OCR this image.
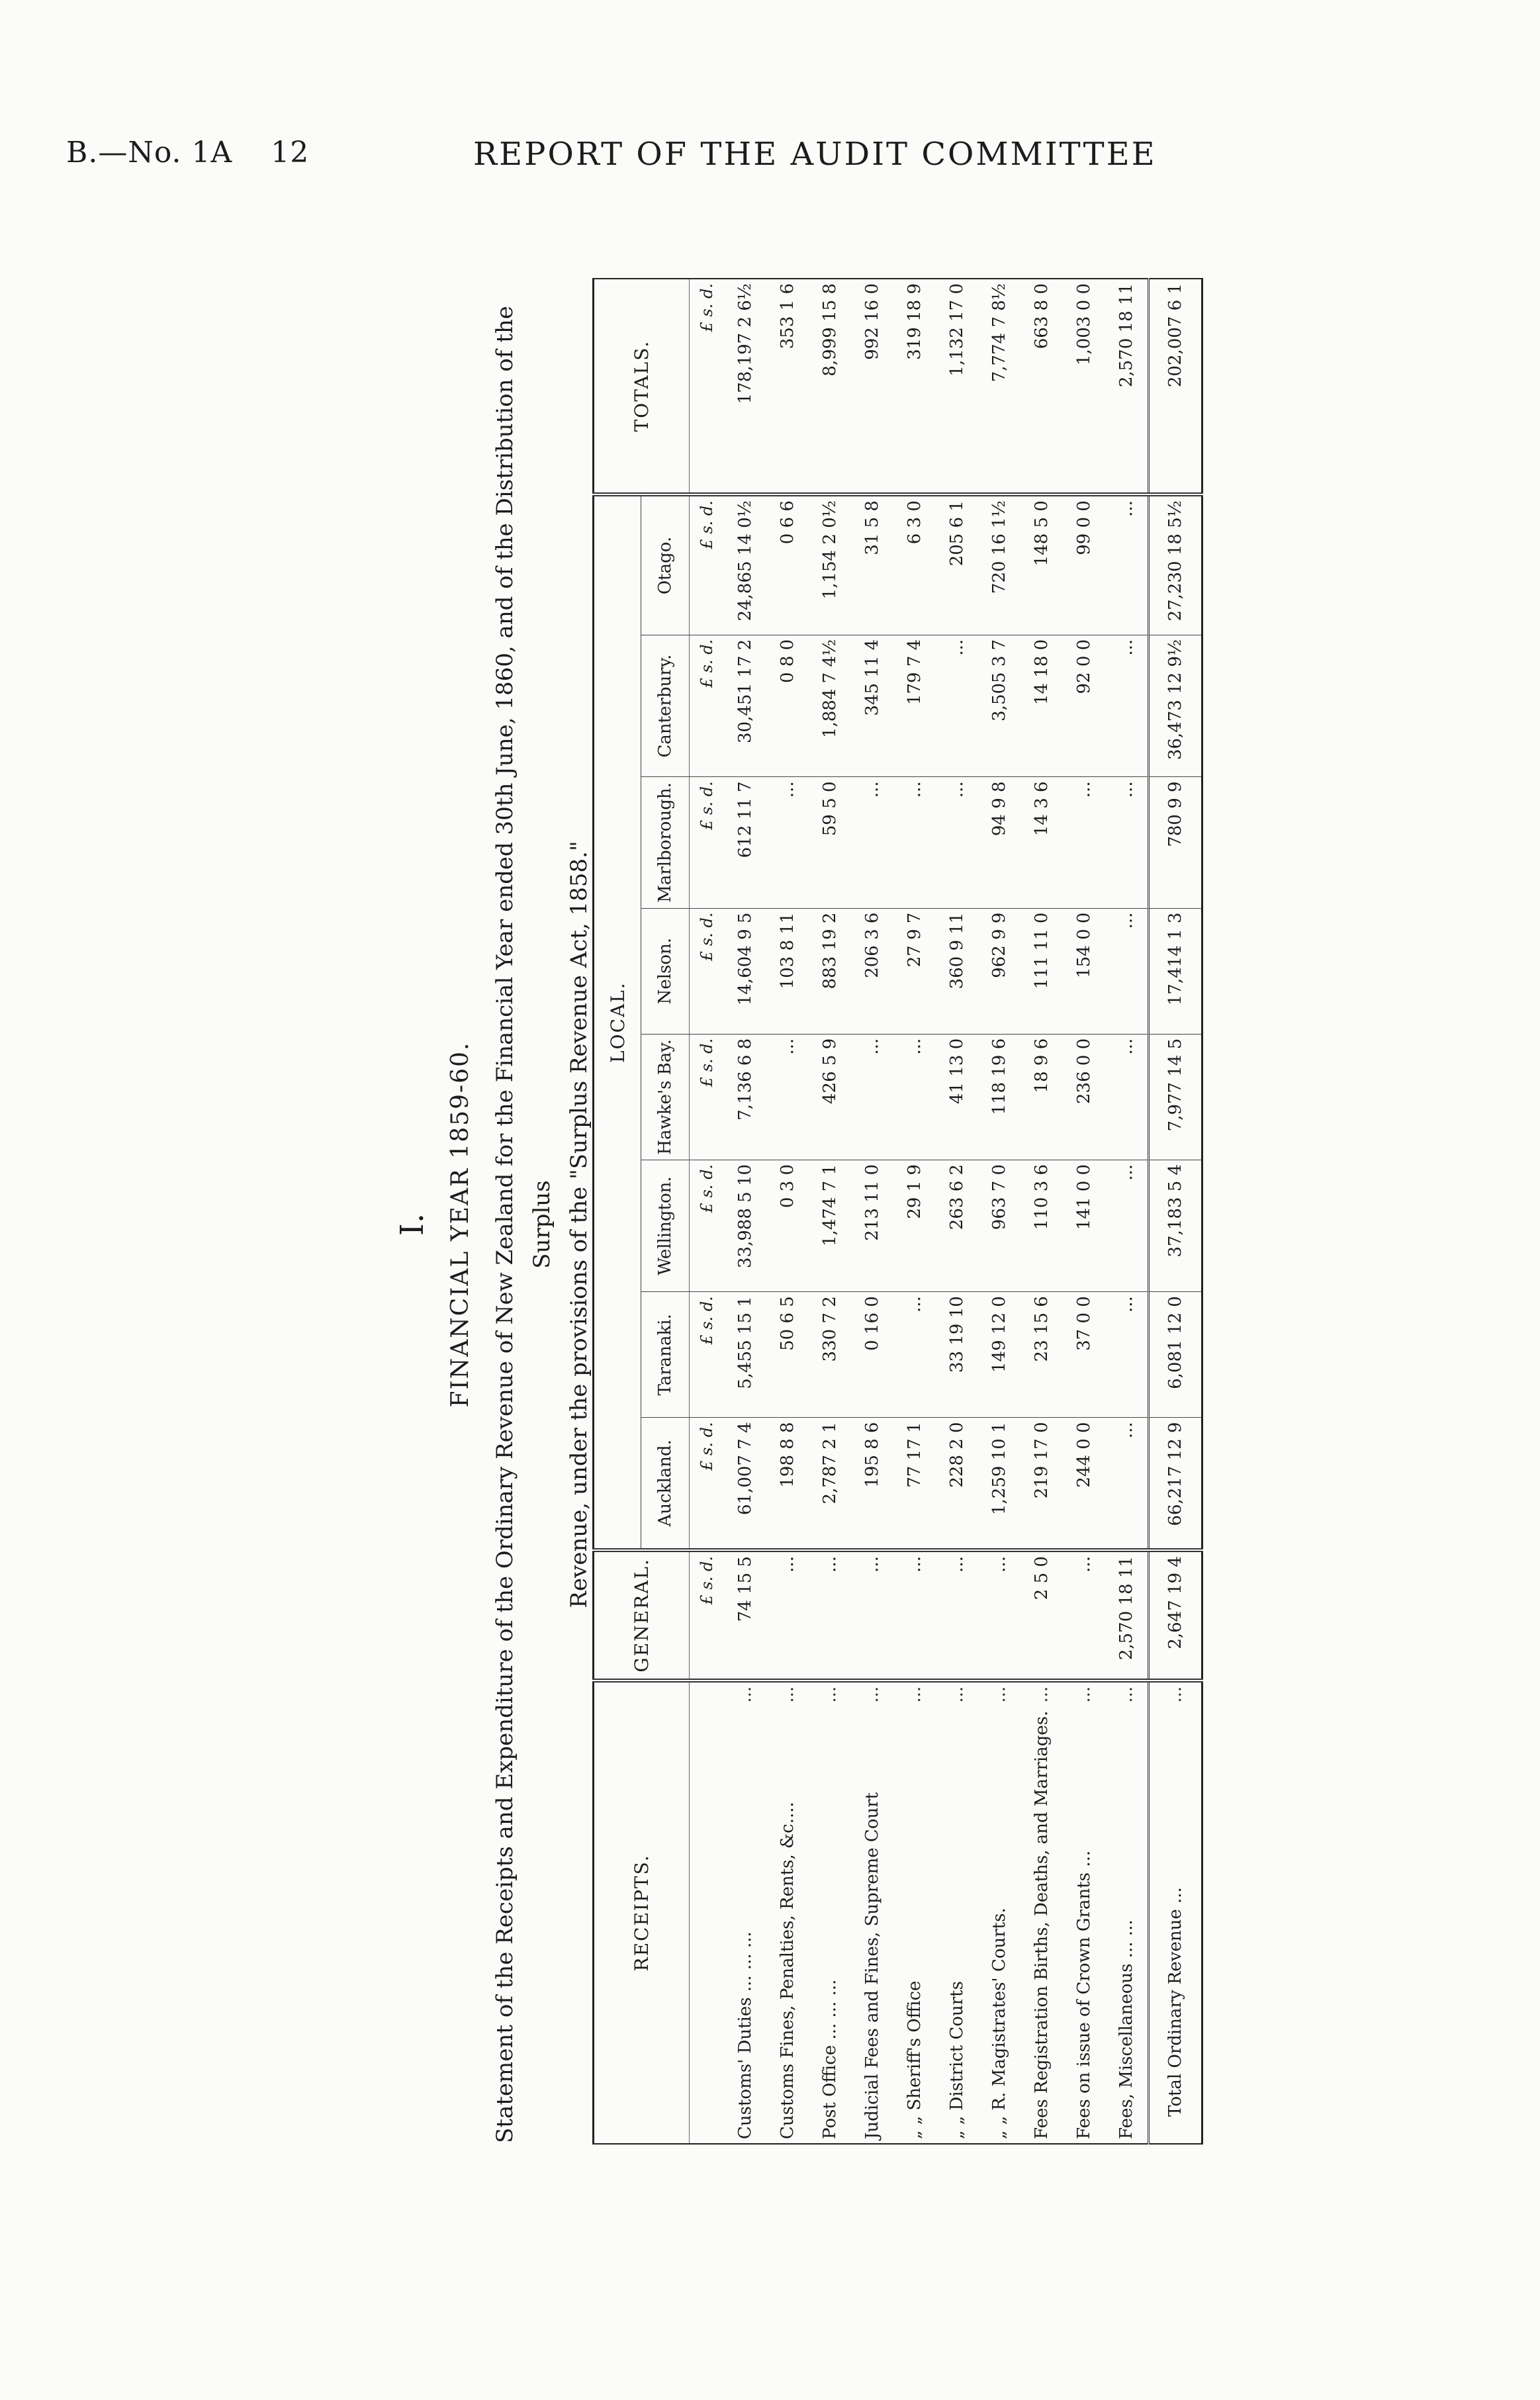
B.—No. 1A 12	REPORT OF THE AUDIT COMMITTEE
I. FINANCIAL YEAR 1859-60. Statement of the Receipts and Expenditure of the Ordinary Revenue of New Zealand for the Financial Year ended 30th June, 1860, and of the Distribution of the Surplus Revenue, under the provisions of the "Surplus Revenue Act, 1858."
RECEIPTS.		GENERAL.	LOCAL.								TOTALS.
			Auckland.	Taranaki.	Wellington.	Hawke's Bay.	Nelson.	Marlborough.	Canterbury.	Otago.	
		£ s. d.	£ s. d.	£ s. d.	£ s. d.	£ s. d.	£ s. d.	£ s. d.	£ s. d.	£ s. d.	£ s. d.
Customs' Duties ... ... ...	...	74 15 5	61,007 7 4	5,455 15 1	33,988 5 10	7,136 6 8	14,604 9 5	612 11 7	30,451 17 2	24,865 14 0½	178,197 2 6½
Customs Fines, Penalties, Rents, &c....	...	...	198 8 8	50 6 5	0 3 0	...	103 8 11	...	0 8 0	0 6 6	353 1 6
Post Office ... ... ...	...	...	2,787 2 1	330 7 2	1,474 7 1	426 5 9	883 19 2	59 5 0	1,884 7 4½	1,154 2 0½	8,999 15 8
Judicial Fees and Fines, Supreme Court	...	...	195 8 6	0 16 0	213 11 0	...	206 3 6	...	345 11 4	31 5 8	992 16 0
„ „ Sheriff's Office	...	...	77 17 1	...	29 1 9	...	27 9 7	...	179 7 4	6 3 0	319 18 9
„ „ District Courts	...	...	228 2 0	33 19 10	263 6 2	41 13 0	360 9 11	...	...	205 6 1	1,132 17 0
„ „ R. Magistrates' Courts.	...	...	1,259 10 1	149 12 0	963 7 0	118 19 6	962 9 9	94 9 8	3,505 3 7	720 16 1½	7,774 7 8½
Fees Registration Births, Deaths, and Marriages.	...	2 5 0	219 17 0	23 15 6	110 3 6	18 9 6	111 11 0	14 3 6	14 18 0	148 5 0	663 8 0
Fees on issue of Crown Grants ...	...	...	244 0 0	37 0 0	141 0 0	236 0 0	154 0 0	...	92 0 0	99 0 0	1,003 0 0
Fees, Miscellaneous ... ...	...	2,570 18 11	...	...	...	...	...	...	...	...	2,570 18 11
Total Ordinary Revenue ...	...	2,647 19 4	66,217 12 9	6,081 12 0	37,183 5 4	7,977 14 5	17,414 1 3	780 9 9	36,473 12 9½	27,230 18 5½	202,007 6 1
